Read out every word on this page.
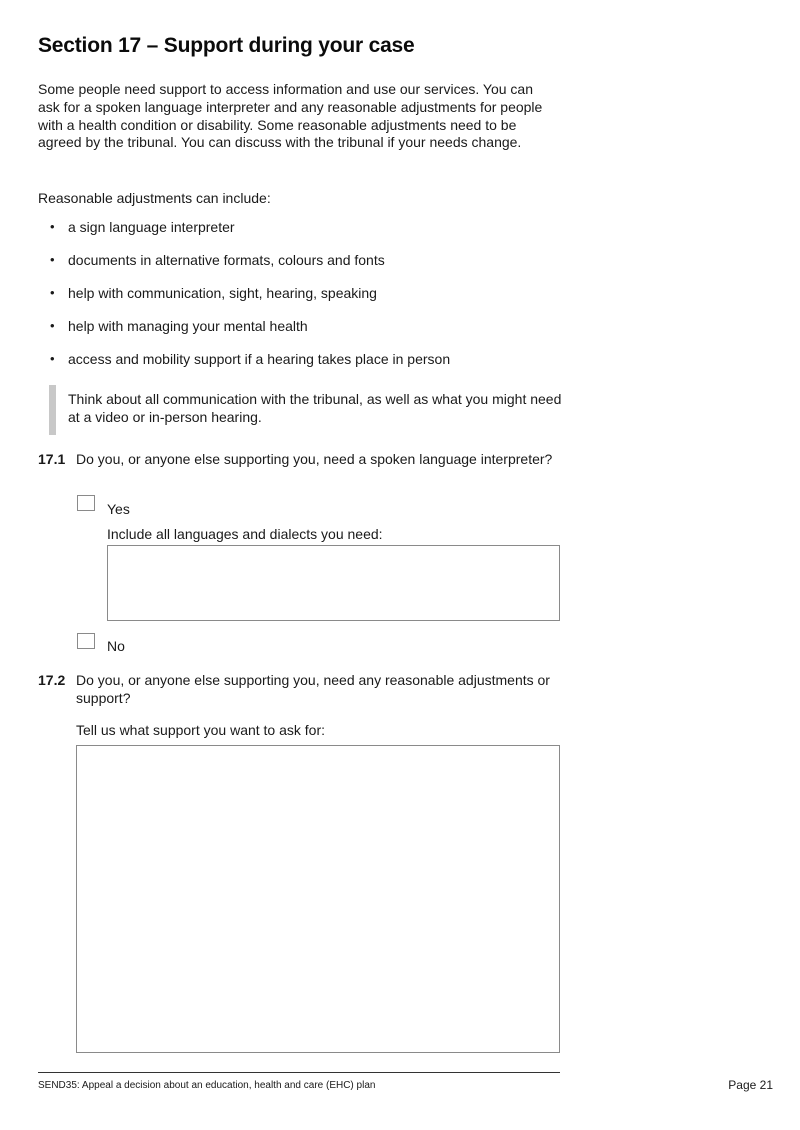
Section 17 – Support during your case

Some people need support to access information and use our services. You can ask for a spoken language interpreter and any reasonable adjustments for people with a health condition or disability. Some reasonable adjustments need to be agreed by the tribunal. You can discuss with the tribunal if your needs change.

Reasonable adjustments can include:

• a sign language interpreter
• documents in alternative formats, colours and fonts
• help with communication, sight, hearing, speaking
• help with managing your mental health
• access and mobility support if a hearing takes place in person

Think about all communication with the tribunal, as well as what you might need at a video or in-person hearing.

17.1 Do you, or anyone else supporting you, need a spoken language interpreter?

Yes
Include all languages and dialects you need:
No
17.2 Do you, or anyone else supporting you, need any reasonable adjustments or support?

Tell us what support you want to ask for:
SEND35: Appeal a decision about an education, health and care (EHC) plan	Page 21
